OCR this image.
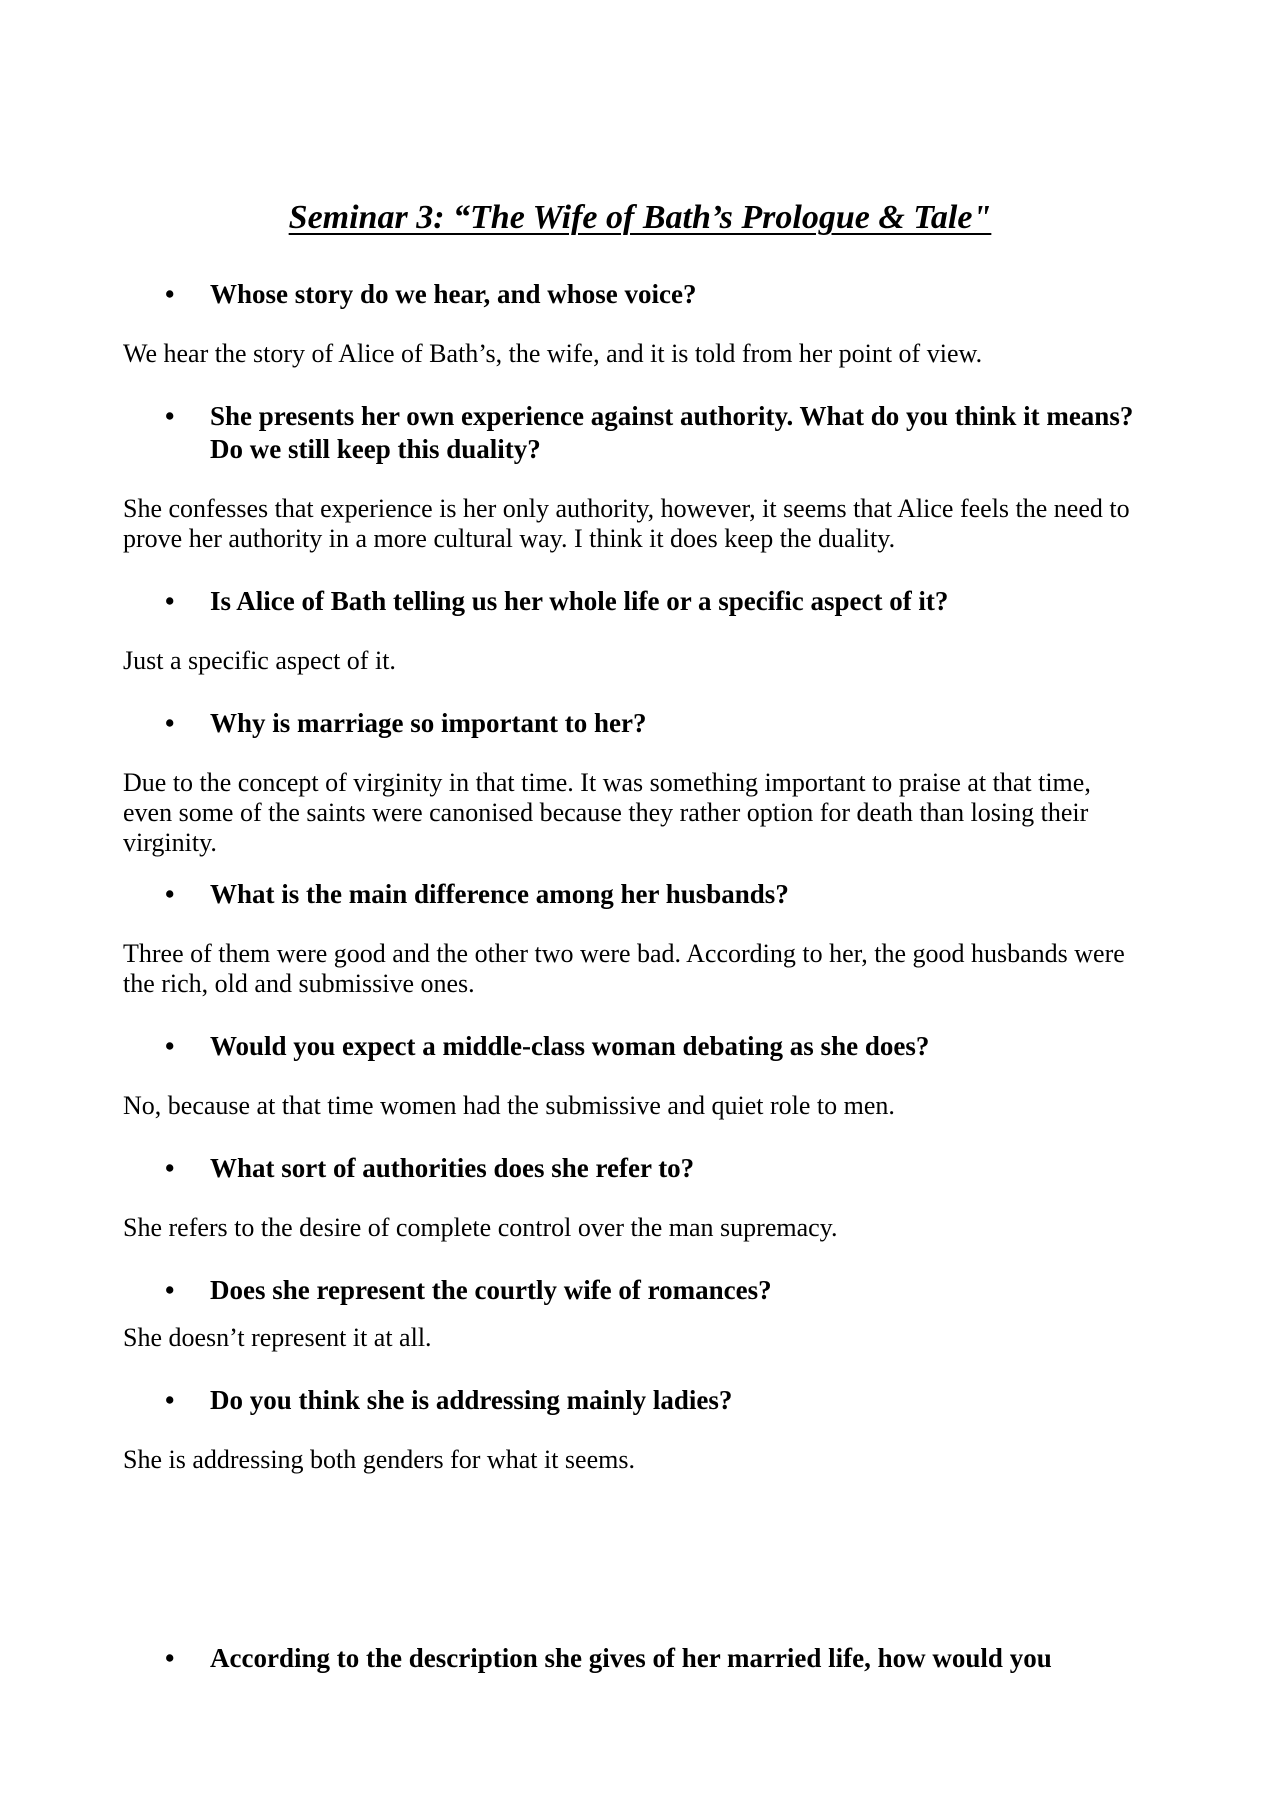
Seminar 3: “The Wife of Bath’s Prologue & Tale"
• Whose story do we hear, and whose voice?

We hear the story of Alice of Bath’s, the wife, and it is told from her point of view.

• She presents her own experience against authority. What do you think it means? Do we still keep this duality?

She confesses that experience is her only authority, however, it seems that Alice feels the need to prove her authority in a more cultural way. I think it does keep the duality.

• Is Alice of Bath telling us her whole life or a specific aspect of it?

Just a specific aspect of it.

• Why is marriage so important to her?

Due to the concept of virginity in that time. It was something important to praise at that time, even some of the saints were canonised because they rather option for death than losing their virginity.

• What is the main difference among her husbands?

Three of them were good and the other two were bad. According to her, the good husbands were the rich, old and submissive ones.

• Would you expect a middle-class woman debating as she does?

No, because at that time women had the submissive and quiet role to men.

• What sort of authorities does she refer to?

She refers to the desire of complete control over the man supremacy.

• Does she represent the courtly wife of romances?

She doesn’t represent it at all.

• Do you think she is addressing mainly ladies?

She is addressing both genders for what it seems.

• According to the description she gives of her married life, how would you
